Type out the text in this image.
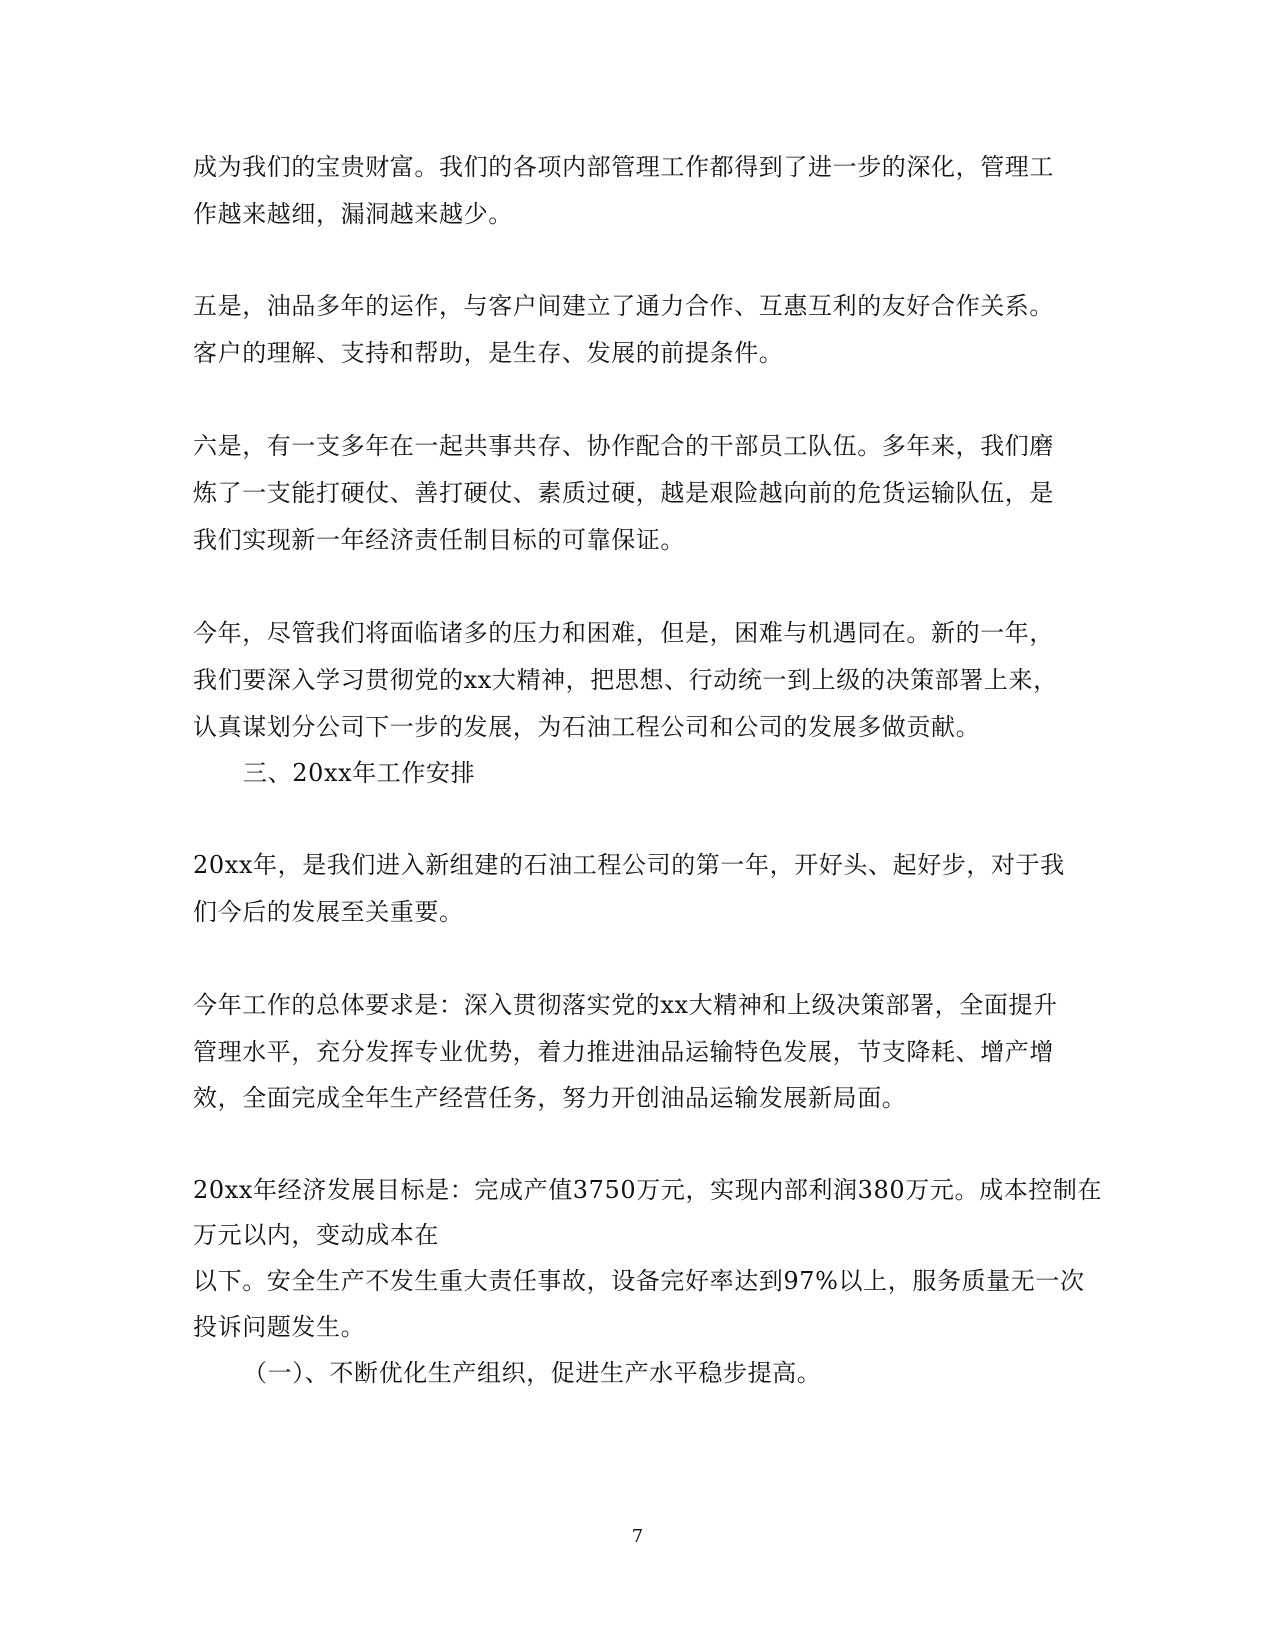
成为我们的宝贵财富。我们的各项内部管理工作都得到了进一步的深化，管理工
作越来越细，漏洞越来越少。
五是，油品多年的运作，与客户间建立了通力合作、互惠互利的友好合作关系。
客户的理解、支持和帮助，是生存、发展的前提条件。
六是，有一支多年在一起共事共存、协作配合的干部员工队伍。多年来，我们磨
炼了一支能打硬仗、善打硬仗、素质过硬，越是艰险越向前的危货运输队伍，是
我们实现新一年经济责任制目标的可靠保证。
今年，尽管我们将面临诸多的压力和困难，但是，困难与机遇同在。新的一年，
我们要深入学习贯彻党的xx大精神，把思想、行动统一到上级的决策部署上来，
认真谋划分公司下一步的发展，为石油工程公司和公司的发展多做贡献。
三、20xx年工作安排
20xx年，是我们进入新组建的石油工程公司的第一年，开好头、起好步，对于我
们今后的发展至关重要。
今年工作的总体要求是：深入贯彻落实党的xx大精神和上级决策部署，全面提升
管理水平，充分发挥专业优势，着力推进油品运输特色发展，节支降耗、增产增
效，全面完成全年生产经营任务，努力开创油品运输发展新局面。
20xx年经济发展目标是：完成产值3750万元，实现内部利润380万元。成本控制在
万元以内，变动成本在
以下。安全生产不发生重大责任事故，设备完好率达到97%以上，服务质量无一次
投诉问题发生。
（一）、不断优化生产组织，促进生产水平稳步提高。
7
